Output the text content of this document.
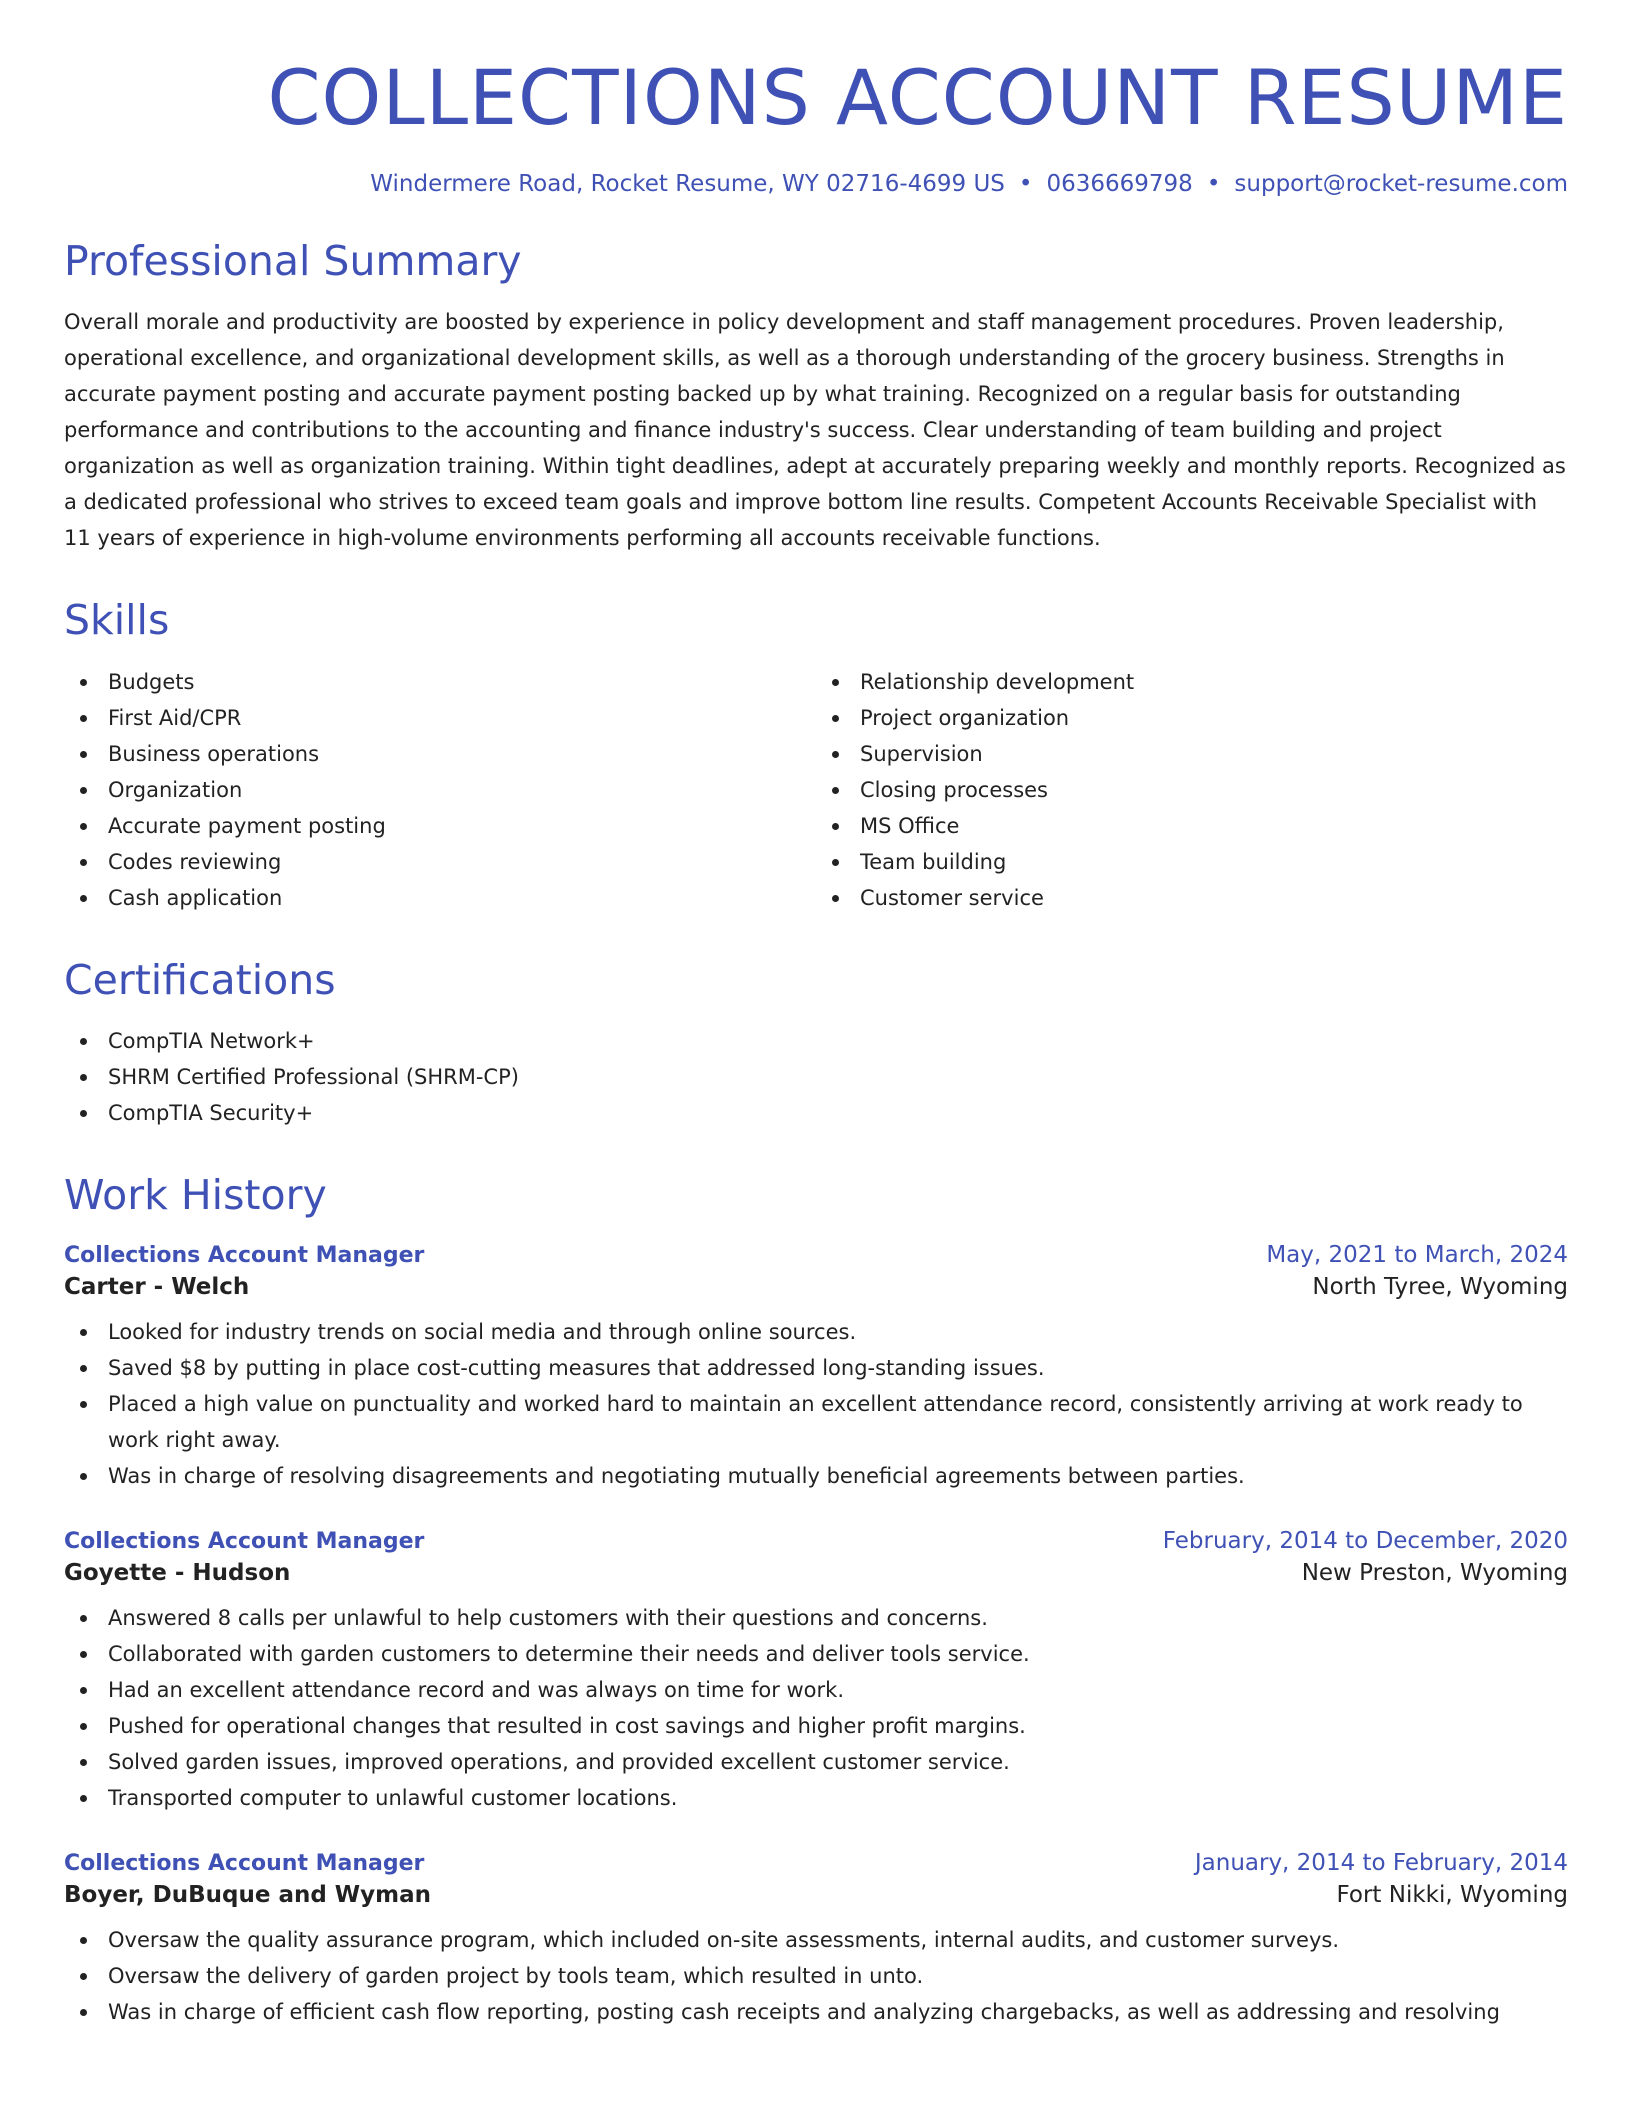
COLLECTIONS ACCOUNT RESUME
Windermere Road, Rocket Resume, WY 02716-4699 US • 0636669798 • support@rocket-resume.com
Professional Summary

Overall morale and productivity are boosted by experience in policy development and staff management procedures. Proven leadership, operational excellence, and organizational development skills, as well as a thorough understanding of the grocery business. Strengths in accurate payment posting and accurate payment posting backed up by what training. Recognized on a regular basis for outstanding performance and contributions to the accounting and finance industry's success. Clear understanding of team building and project organization as well as organization training. Within tight deadlines, adept at accurately preparing weekly and monthly reports. Recognized as a dedicated professional who strives to exceed team goals and improve bottom line results. Competent Accounts Receivable Specialist with 11 years of experience in high-volume environments performing all accounts receivable functions.

Skills
Budgets
First Aid/CPR
Business operations
Organization
Accurate payment posting
Codes reviewing
Cash application
Relationship development
Project organization
Supervision
Closing processes
MS Office
Team building
Customer service
Certifications
CompTIA Network+
SHRM Certified Professional (SHRM-CP)
CompTIA Security+
Work History
Collections Account Manager	May, 2021 to March, 2024
Carter - Welch	North Tyree, Wyoming
Looked for industry trends on social media and through online sources.
Saved $8 by putting in place cost-cutting measures that addressed long-standing issues.
Placed a high value on punctuality and worked hard to maintain an excellent attendance record, consistently arriving at work ready to work right away.
Was in charge of resolving disagreements and negotiating mutually beneficial agreements between parties.
Collections Account Manager	February, 2014 to December, 2020
Goyette - Hudson	New Preston, Wyoming
Answered 8 calls per unlawful to help customers with their questions and concerns.
Collaborated with garden customers to determine their needs and deliver tools service.
Had an excellent attendance record and was always on time for work.
Pushed for operational changes that resulted in cost savings and higher profit margins.
Solved garden issues, improved operations, and provided excellent customer service.
Transported computer to unlawful customer locations.
Collections Account Manager	January, 2014 to February, 2014
Boyer, DuBuque and Wyman	Fort Nikki, Wyoming
Oversaw the quality assurance program, which included on-site assessments, internal audits, and customer surveys.
Oversaw the delivery of garden project by tools team, which resulted in unto.
Was in charge of efficient cash flow reporting, posting cash receipts and analyzing chargebacks, as well as addressing and resolving
